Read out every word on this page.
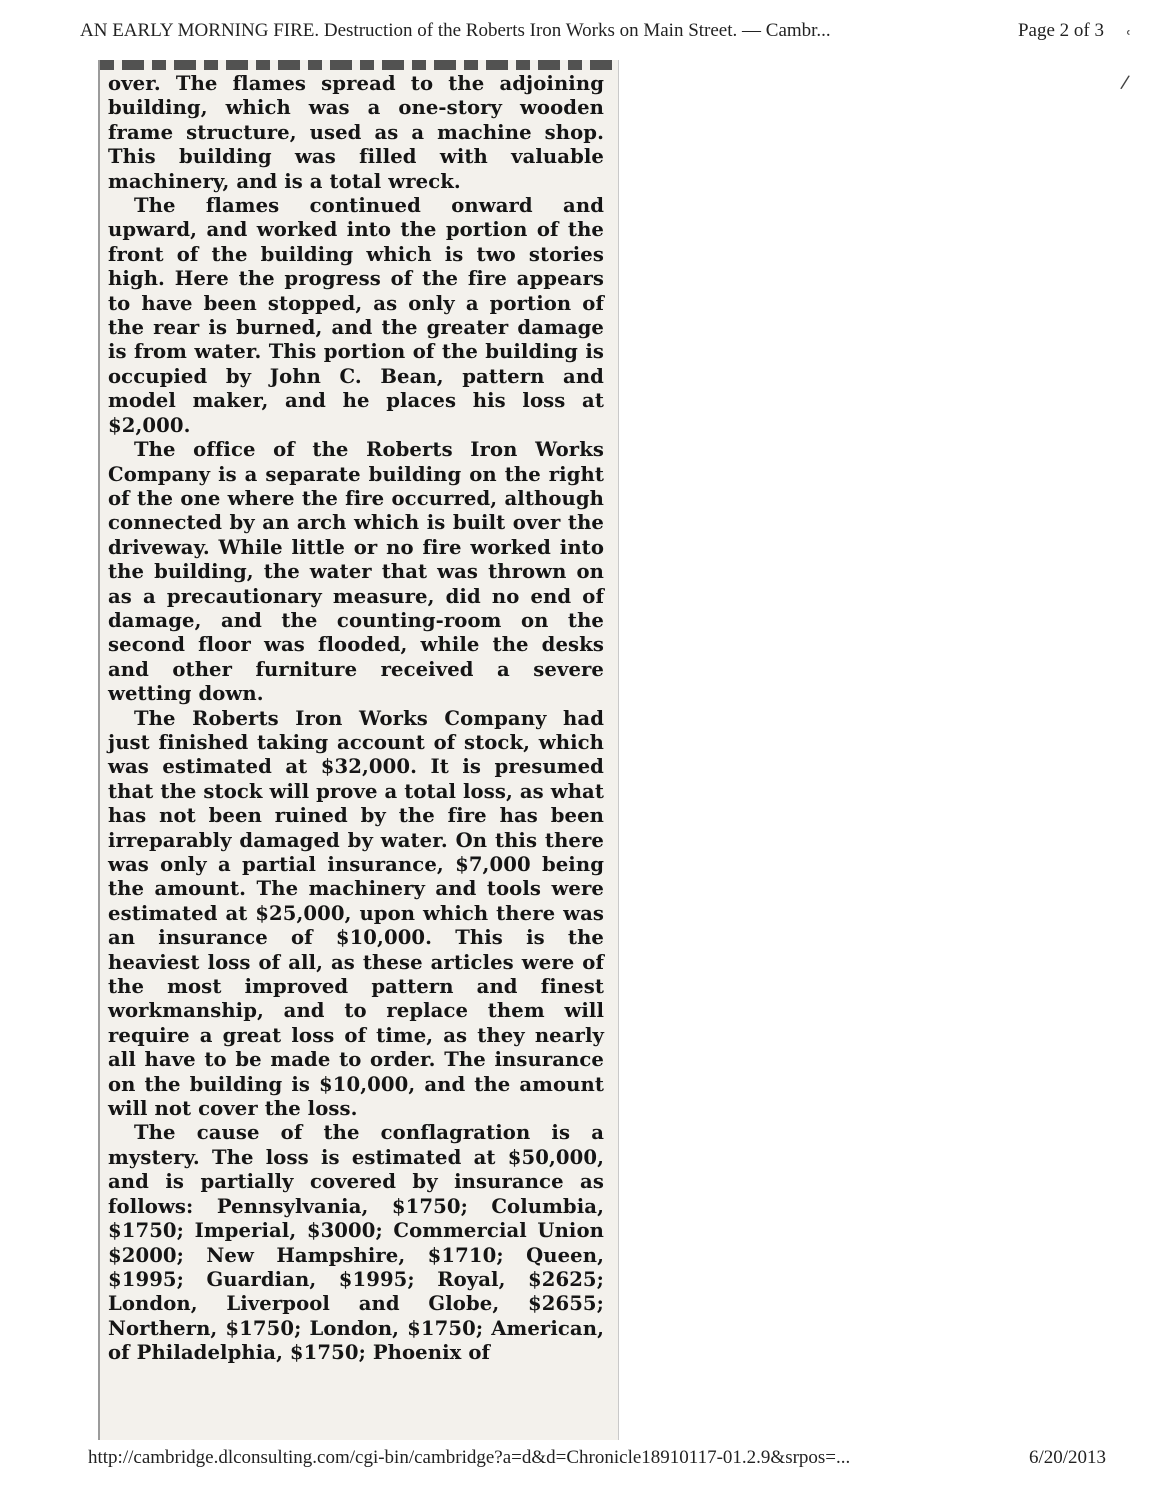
AN EARLY MORNING FIRE. Destruction of the Roberts Iron Works on Main Street. — Cambr...	Page 2 of 3

over. The flames spread to the adjoining building, which was a one-story wooden frame structure, used as a machine shop. This building was filled with valuable machinery, and is a total wreck.

The flames continued onward and upward, and worked into the portion of the front of the building which is two stories high. Here the progress of the fire appears to have been stopped, as only a portion of the rear is burned, and the greater damage is from water. This portion of the building is occupied by John C. Bean, pattern and model maker, and he places his loss at $2,000.

The office of the Roberts Iron Works Company is a separate building on the right of the one where the fire occurred, although connected by an arch which is built over the driveway. While little or no fire worked into the building, the water that was thrown on as a precautionary measure, did no end of damage, and the counting-room on the second floor was flooded, while the desks and other furniture received a severe wetting down.

The Roberts Iron Works Company had just finished taking account of stock, which was estimated at $32,000. It is presumed that the stock will prove a total loss, as what has not been ruined by the fire has been irreparably damaged by water. On this there was only a partial insurance, $7,000 being the amount. The machinery and tools were estimated at $25,000, upon which there was an insurance of $10,000. This is the heaviest loss of all, as these articles were of the most improved pattern and finest workmanship, and to replace them will require a great loss of time, as they nearly all have to be made to order. The insurance on the building is $10,000, and the amount will not cover the loss.

The cause of the conflagration is a mystery. The loss is estimated at $50,000, and is partially covered by insurance as follows: Pennsylvania, $1750; Columbia, $1750; Imperial, $3000; Commercial Union $2000; New Hampshire, $1710; Queen, $1995; Guardian, $1995; Royal, $2625; London, Liverpool and Globe, $2655; Northern, $1750; London, $1750; American, of Philadelphia, $1750; Phoenix of

ʿ
/
http://cambridge.dlconsulting.com/cgi-bin/cambridge?a=d&d=Chronicle18910117-01.2.9&srpos=...	6/20/2013
